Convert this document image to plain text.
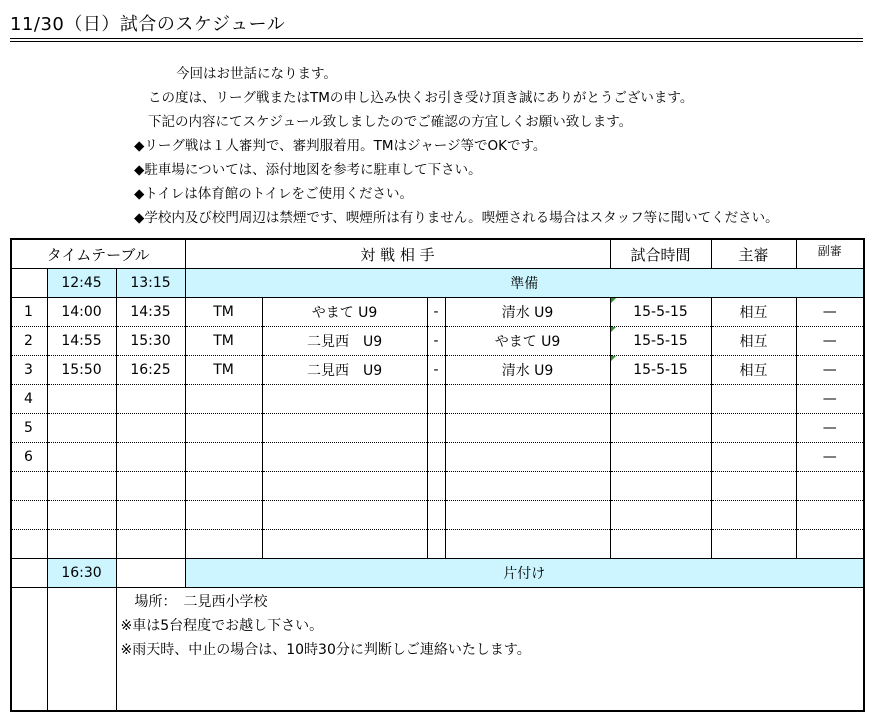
11/30（日）試合のスケジュール
今回はお世話になります。
この度は、リーグ戦またはTMの申し込み快くお引き受け頂き誠にありがとうございます。
下記の内容にてスケジュール致しましたのでご確認の方宜しくお願い致します。
◆リーグ戦は１人審判で、審判服着用。TMはジャージ等でOKです。
◆駐車場については、添付地図を参考に駐車して下さい。
◆トイレは体育館のトイレをご使用ください。
◆学校内及び校門周辺は禁煙です、喫煙所は有りません。喫煙される場合はスタッフ等に聞いてください。
タイムテーブル			対 戦 相 手				試合時間	主審	副審
	12:45	13:15	準備						
1	14:00	14:35	TM	やまて U9	-	清水 U9	15-5-15	相互	—
2	14:55	15:30	TM	二見西　U9	-	やまて U9	15-5-15	相互	—
3	15:50	16:25	TM	二見西　U9	-	清水 U9	15-5-15	相互	—
4									—
5									—
6									—

	16:30		片付け						

		　場所：　二見西小学校
※車は5台程度でお越し下さい。
※雨天時、中止の場合は、10時30分に判断しご連絡いたします。							
